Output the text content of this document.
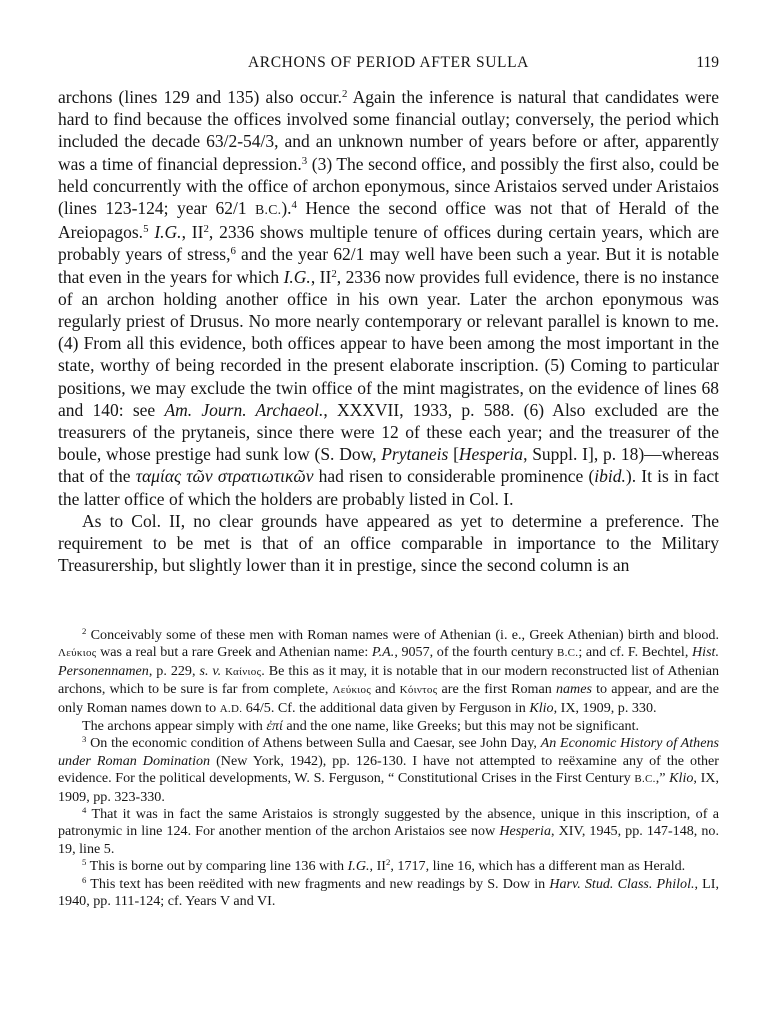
ARCHONS OF PERIOD AFTER SULLA	119

archons (lines 129 and 135) also occur.$^2$ Again the inference is natural that candidates were hard to find because the offices involved some financial outlay; conversely, the period which included the decade 63/2-54/3, and an unknown number of years before or after, apparently was a time of financial depression.$^3$ (3) The second office, and possibly the first also, could be held concurrently with the office of archon eponymous, since Aristaios served under Aristaios (lines 123-124; year 62/1 B.C.).$^4$ Hence the second office was not that of Herald of the Areiopagos.$^5$ I.G., $II^2$, 2336 shows multiple tenure of offices during certain years, which are probably years of stress,$^6$ and the year 62/1 may well have been such a year. But it is notable that even in the years for which I.G., $II^2$, 2336 now provides full evidence, there is no instance of an archon holding another office in his own year. Later the archon eponymous was regularly priest of Drusus. No more nearly contemporary or relevant parallel is known to me. (4) From all this evidence, both offices appear to have been among the most important in the state, worthy of being recorded in the present elaborate inscription. (5) Coming to particular positions, we may exclude the twin office of the mint magistrates, on the evidence of lines 68 and 140: see Am. Journ. Archaeol., XXXVII, 1933, p. 588. (6) Also excluded are the treasurers of the prytaneis, since there were 12 of these each year; and the treasurer of the boule, whose prestige had sunk low (S. Dow, Prytaneis [Hesperia, Suppl. I], p. 18)—whereas that of the ταμίας τῶν στρατιωτικῶν had risen to considerable prominence (ibid.). It is in fact the latter office of which the holders are probably listed in Col. I.

As to Col. II, no clear grounds have appeared as yet to determine a preference. The requirement to be met is that of an office comparable in importance to the Military Treasurership, but slightly lower than it in prestige, since the second column is an

$^2$ Conceivably some of these men with Roman names were of Athenian (i. e., Greek Athenian) birth and blood. Λεύκιος was a real but a rare Greek and Athenian name: P.A., 9057, of the fourth century B.C.; and cf. F. Bechtel, Hist. Personennamen, p. 229, s. v. Καίνιος. Be this as it may, it is notable that in our modern reconstructed list of Athenian archons, which to be sure is far from complete, Λεύκιος and Κόιντος are the first Roman names to appear, and are the only Roman names down to A.D. 64/5. Cf. the additional data given by Ferguson in Klio, IX, 1909, p. 330.

The archons appear simply with ἐπί and the one name, like Greeks; but this may not be significant.

$^3$ On the economic condition of Athens between Sulla and Caesar, see John Day, An Economic History of Athens under Roman Domination (New York, 1942), pp. 126-130. I have not attempted to reëxamine any of the other evidence. For the political developments, W. S. Ferguson, “ Constitutional Crises in the First Century B.C.,” Klio, IX, 1909, pp. 323-330.

$^4$ That it was in fact the same Aristaios is strongly suggested by the absence, unique in this inscription, of a patronymic in line 124. For another mention of the archon Aristaios see now Hesperia, XIV, 1945, pp. 147-148, no. 19, line 5.

$^5$ This is borne out by comparing line 136 with I.G., $II^2$, 1717, line 16, which has a different man as Herald.

$^6$ This text has been reëdited with new fragments and new readings by S. Dow in Harv. Stud. Class. Philol., LI, 1940, pp. 111-124; cf. Years V and VI.
